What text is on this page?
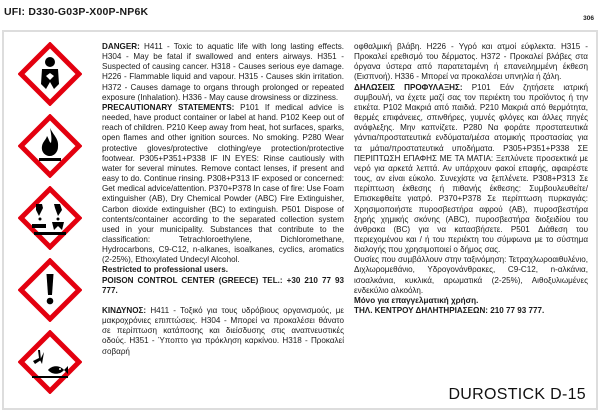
UFI: D330-G03P-X00P-NP6K
306

DANGER: H411 - Toxic to aquatic life with long lasting effects. H304 - May be fatal if swallowed and enters airways. H351 - Suspected of causing cancer. H318 - Causes serious eye damage. H226 - Flammable liquid and vapour. H315 - Causes skin irritation. H372 - Causes damage to organs through prolonged or repeated exposure (Inhalation). H336 - May cause drowsiness or dizziness.

PRECAUTIONARY STATEMENTS: P101 If medical advice is needed, have product container or label at hand. P102 Keep out of reach of children. P210 Keep away from heat, hot surfaces, sparks, open flames and other ignition sources. No smoking. P280 Wear protective gloves/protective clothing/eye protection/protective footwear. P305+P351+P338 IF IN EYES: Rinse cautiously with water for several minutes. Remove contact lenses, if present and easy to do. Continue rinsing. P308+P313 IF exposed or concerned: Get medical advice/attention. P370+P378 In case of fire: Use Foam extinguisher (AB), Dry Chemical Powder (ABC) Fire Extinguisher, Carbon dioxide extinguisher (BC) to extinguish. P501 Dispose of contents/container according to the separated collection system used in your municipality. Substances that contribute to the classification: Tetrachloroethylene, Dichloromethane, Hydrocarbons, C9-C12, n-alkanes, isoalkanes, cyclics, aromatics (2-25%), Ethoxylated Undecyl Alcohol.

Restricted to professional users.

POISON CONTROL CENTER (GREECE) TEL.: +30 210 77 93 777.

ΚΙΝΔΥΝΟΣ: H411 - Τοξικό για τους υδρόβιους οργανισμούς, με μακροχρόνιες επιπτώσεις. H304 - Μπορεί να προκαλέσει θάνατο σε περίπτωση κατάποσης και διείσδυσης στις αναπνευστικές οδούς. H351 - Ύποπτο για πρόκληση καρκίνου. H318 - Προκαλεί σοβαρή

οφθαλμική βλάβη. H226 - Υγρό και ατμοί εύφλεκτα. H315 - Προκαλεί ερεθισμό του δέρματος. H372 - Προκαλεί βλάβες στα όργανα ύστερα από παρατεταμένη ή επανειλημμένη έκθεση (Εισπνοή). H336 - Μπορεί να προκαλέσει υπνηλία ή ζάλη.

ΔΗΛΩΣΕΙΣ ΠΡΟΦΥΛΑΞΗΣ: P101 Εάν ζητήσετε ιατρική συμβουλή, να έχετε μαζί σας τον περιέκτη του προϊόντος ή την ετικέτα. P102 Μακριά από παιδιά. P210 Μακριά από θερμότητα, θερμές επιφάνειες, σπινθήρες, γυμνές φλόγες και άλλες πηγές ανάφλεξης. Μην καπνίζετε. P280 Να φοράτε προστατευτικά γάντια/προστατευτικά ενδύματα/μέσα ατομικής προστασίας για τα μάτια/προστατευτικά υποδήματα. P305+P351+P338 ΣΕ ΠΕΡΙΠΤΩΣΗ ΕΠΑΦΗΣ ΜΕ ΤΑ ΜΑΤΙΑ: Ξεπλύνετε προσεκτικά με νερό για αρκετά λεπτά. Αν υπάρχουν φακοί επαφής, αφαιρέστε τους, αν είναι εύκολο. Συνεχίστε να ξεπλένετε. P308+P313 Σε περίπτωση έκθεσης ή πιθανής έκθεσης: Συμβουλευθείτε/Επισκεφθείτε γιατρό. P370+P378 Σε περίπτωση πυρκαγιάς: Χρησιμοποιήστε πυροσβεστήρα αφρού (AB), πυροσβεστήρα ξηρής χημικής σκόνης (ABC), πυροσβεστήρα διοξειδίου του άνθρακα (BC) για να κατασβήσετε. P501 Διάθεση του περιεχομένου και / ή του περιέκτη του σύμφωνα με το σύστημα διαλογής που χρησιμοποιεί ο δήμος σας.

Ουσίες που συμβάλλουν στην ταξινόμηση: Τετραχλωροαιθυλένιο, Διχλωρομεθάνιο, Υδρογονάνθρακες, C9-C12, n-αλκάνια, ισοαλκάνια, κυκλικά, αρωματικά (2-25%), Αιθοξυλιωμένες ενδεκύλιο αλκοόλη.

Μόνο για επαγγελματική χρήση.

ΤΗΛ. ΚΕΝΤΡΟΥ ΔΗΛΗΤΗΡΙΑΣΕΩΝ: 210 77 93 777.

DUROSTICK D-15
